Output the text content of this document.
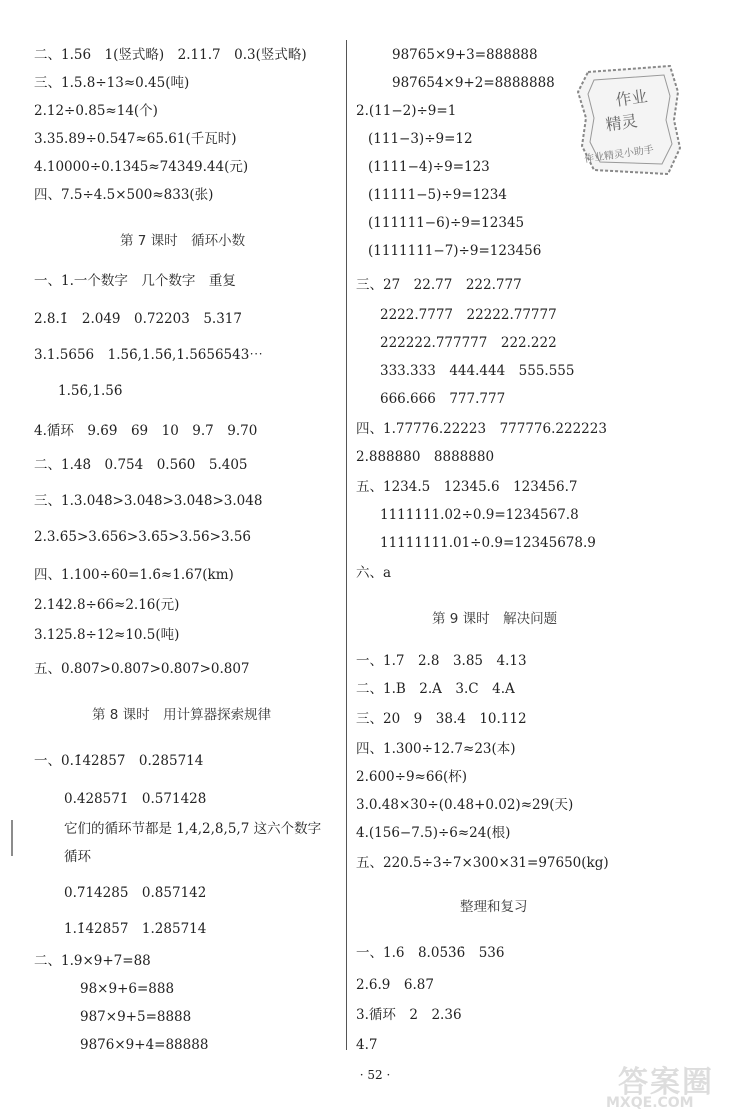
二、1.56　1(竖式略)　2.11.7　0.3(竖式略)
三、1.5.8÷13≈0.45(吨)
2.12÷0.85≈14(个)
3.35.89÷0.547≈65.61(千瓦时)
4.10000÷0.1345≈74349.44(元)
四、7.5÷4.5×500≈833(张)
第 7 课时　循环小数
一、1.一个数字　几个数字　重复
2.8.1̇　2.04̇9̇　0.72̇20̇3̇　5.3̇17̇
3.1.5656　1.5̇6̇,1.5̇6̇,1.5656543⋯
1.5̇6̇,1.5̇6̇
4.循环　9.6̇9̇　69　10　9.7̇　9.70
二、1.48̇　0.75̇4̇　0.56̇0̇　5.4̇05̇
三、1.3.04̇8̇>3.048>3.0̇48̇>3.048
2.3.6̇5̇>3.656>3.6̇5̇>3.5̇6̇>3.5̇6̇
四、1.100÷60=1.6̇≈1.67(km)
2.142.8÷66≈2.16(元)
3.125.8÷12≈10.5(吨)
五、0.80̇7̇>0.80̇7̇>0.8̇07̇>0.807
第 8 课时　用计算器探索规律
一、0.1̇42857̇　0.2̇85714̇
0.4̇28571̇　0.5̇71428̇
它们的循环节都是 1,4,2,8,5,7 这六个数字
循环
0.7̇14285̇　0.8̇57142̇
1.1̇42857̇　1.2̇85714̇
二、1.9×9+7=88
98×9+6=888
987×9+5=8888
9876×9+4=88888
98765×9+3=888888
987654×9+2=8888888
2.(11−2)÷9=1
(111−3)÷9=12
(1111−4)÷9=123
(11111−5)÷9=1234
(111111−6)÷9=12345
(1111111−7)÷9=123456
三、27　22.77　222.777
2222.7777　22222.77777
222222.777777　222.222
333.333　444.444　555.555
666.666　777.777
四、1.77776.22223　777776.222223
2.888880　8888880
五、1234.5　12345.6　123456.7
1111111.02÷0.9=1234567.8
11111111.01÷0.9=12345678.9
六、a
第 9 课时　解决问题
一、1.7　2.8　3.85　4.13
二、1.B　2.A　3.C　4.A
三、20　9　38.4　10.112
四、1.300÷12.7≈23(本)
2.600÷9≈66(杯)
3.0.48×30÷(0.48+0.02)≈29(天)
4.(156−7.5)÷6≈24(根)
五、220.5÷3÷7×300×31=97650(kg)
整理和复习
一、1.6　8.05̇3̇6̇　536
2.6.9　6.87
3.循环　2　2.36
4.7
作业
精灵
作业精灵小助手
· 52 ·	答案圈
MXQE.COM
